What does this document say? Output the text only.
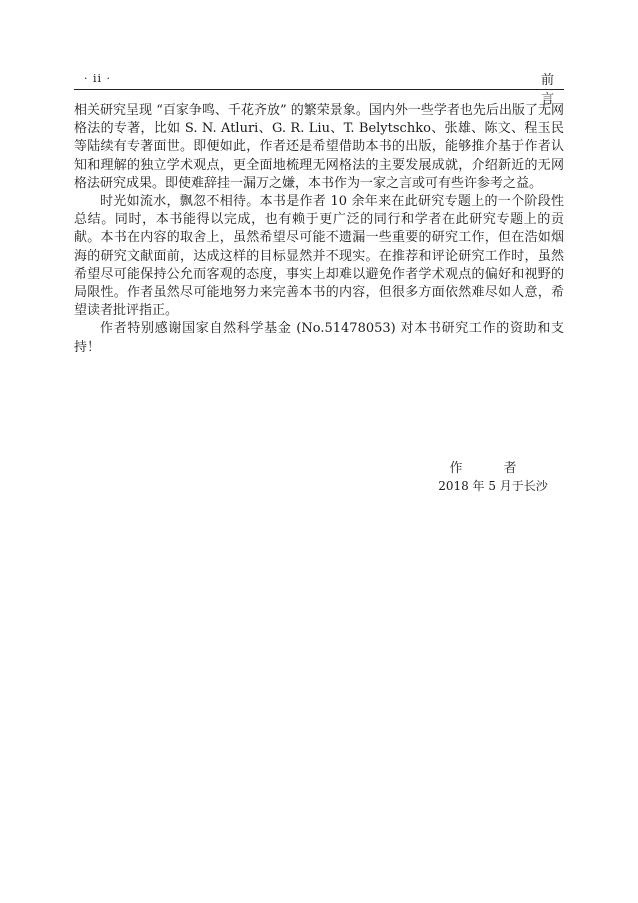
· ii ·	前　言

相关研究呈现 “百家争鸣、千花齐放” 的繁荣景象。国内外一些学者也先后出版了无网格法的专著，比如 S. N. Atluri、G. R. Liu、T. Belytschko、张雄、陈文、程玉民等陆续有专著面世。即便如此，作者还是希望借助本书的出版，能够推介基于作者认知和理解的独立学术观点，更全面地梳理无网格法的主要发展成就，介绍新近的无网格法研究成果。即使难辞挂一漏万之嫌，本书作为一家之言或可有些许参考之益。

时光如流水，飘忽不相待。本书是作者 10 余年来在此研究专题上的一个阶段性总结。同时，本书能得以完成，也有赖于更广泛的同行和学者在此研究专题上的贡献。本书在内容的取舍上，虽然希望尽可能不遗漏一些重要的研究工作，但在浩如烟海的研究文献面前，达成这样的目标显然并不现实。在推荐和评论研究工作时，虽然希望尽可能保持公允而客观的态度，事实上却难以避免作者学术观点的偏好和视野的局限性。作者虽然尽可能地努力来完善本书的内容，但很多方面依然难尽如人意，希望读者批评指正。

作者特别感谢国家自然科学基金 (No.51478053) 对本书研究工作的资助和支持！

作　者
2018 年 5 月于长沙
